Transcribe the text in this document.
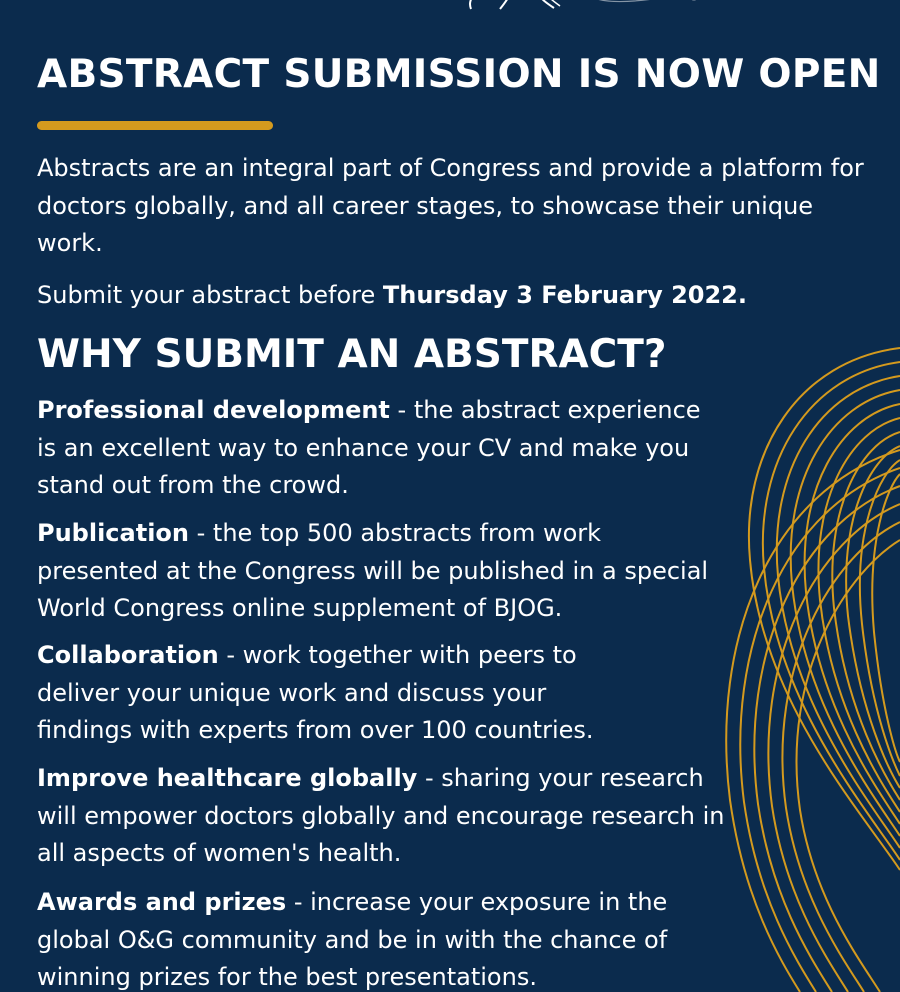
ABSTRACT SUBMISSION IS NOW OPEN

Abstracts are an integral part of Congress and provide a platform for doctors globally, and all career stages, to showcase their unique work.

Submit your abstract before Thursday 3 February 2022.

WHY SUBMIT AN ABSTRACT?

Professional development - the abstract experience is an excellent way to enhance your CV and make you stand out from the crowd.

Publication - the top 500 abstracts from work presented at the Congress will be published in a special World Congress online supplement of BJOG.

Collaboration - work together with peers to deliver your unique work and discuss your findings with experts from over 100 countries.

Improve healthcare globally - sharing your research will empower doctors globally and encourage research in all aspects of women's health.

Awards and prizes - increase your exposure in the global O&G community and be in with the chance of winning prizes for the best presentations.
